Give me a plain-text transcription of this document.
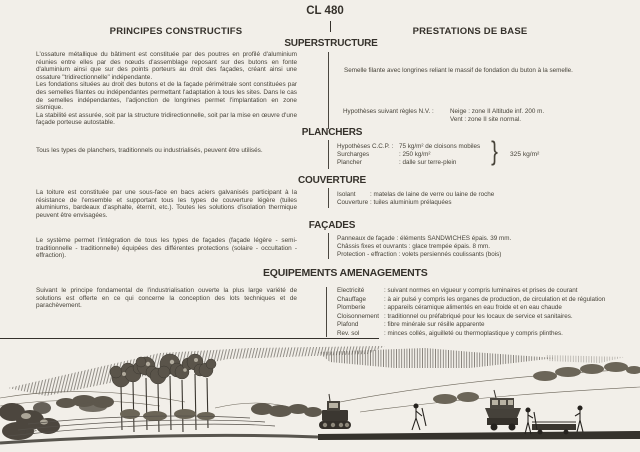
CL 480
PRINCIPES CONSTRUCTIFS	PRESTATIONS DE BASE

L'ossature métallique du bâtiment est constituée par des poutres en profilé d'aluminium réunies entre elles par des nœuds d'assemblage reposant sur des butons en fonte d'aluminium ainsi que sur des points porteurs au droit des façades, créant ainsi une ossature "tridirectionnelle" indépendante.

Les fondations situées au droit des butons et de la façade périmétrale sont constituées par des semelles filantes ou indépendantes permettant l'adaptation à tous les sites. Dans le cas de semelles indépendantes, l'adjonction de longrines permet l'implantation en zone sismique.

La stabilité est assurée, soit par la structure tridirectionnelle, soit par la mise en œuvre d'une façade porteuse autostable.

Tous les types de planchers, traditionnels ou industrialisés, peuvent être utilisés.
La toiture est constituée par une sous-face en bacs aciers galvanisés participant à la résistance de l'ensemble et supportant tous les types de couverture légère (tuiles aluminiums, bardeaux d'asphalte, éternit, etc.). Toutes les solutions d'isolation thermique peuvent être envisagées.
Le système permet l'intégration de tous les types de façades (façade légère - semi-traditionnelle - traditionnelle) équipées des différentes protections (solaire - occultation - effraction).
Suivant le principe fondamental de l'industrialisation ouverte la plus large variété de solutions est offerte en ce qui concerne la conception des lots techniques et de parachèvement.
SUPERSTRUCTURE
Semelle filante avec longrines reliant le massif de fondation du buton à la semelle.
Hypothèses suivant règles N.V. :	Neige : zone II Altitude inf. 200 m.
Vent : zone II site normal.
PLANCHERS
Hypothèses C.C.P. : 75 kg/m² de cloisons mobiles
Surcharges	: 250 kg/m²
Plancher	: dalle sur terre-plein	} 325 kg/m²
COUVERTURE
Isolant	: matelas de laine de verre ou laine de roche
Couverture : tuiles aluminium prélaquées
FAÇADES
Panneaux de façade : éléments SANDWICHES épais. 39 mm.
Châssis fixes et ouvrants : glace trempée épais. 8 mm.
Protection - effraction : volets persiennés coulissants (bois)
EQUIPEMENTS AMENAGEMENTS
Electricité	: suivant normes en vigueur y compris luminaires et prises de courant
Chauffage	: à air pulsé y compris les organes de production, de circulation et de régulation
Plomberie	: appareils céramique alimentés en eau froide et en eau chaude
Cloisonnement : traditionnel ou préfabriqué pour les locaux de service et sanitaires.
Plafond	: fibre minérale sur résille apparente
Rev. sol	: minces collés, aiguilleté ou thermoplastique y compris plinthes.
"J + 2"
